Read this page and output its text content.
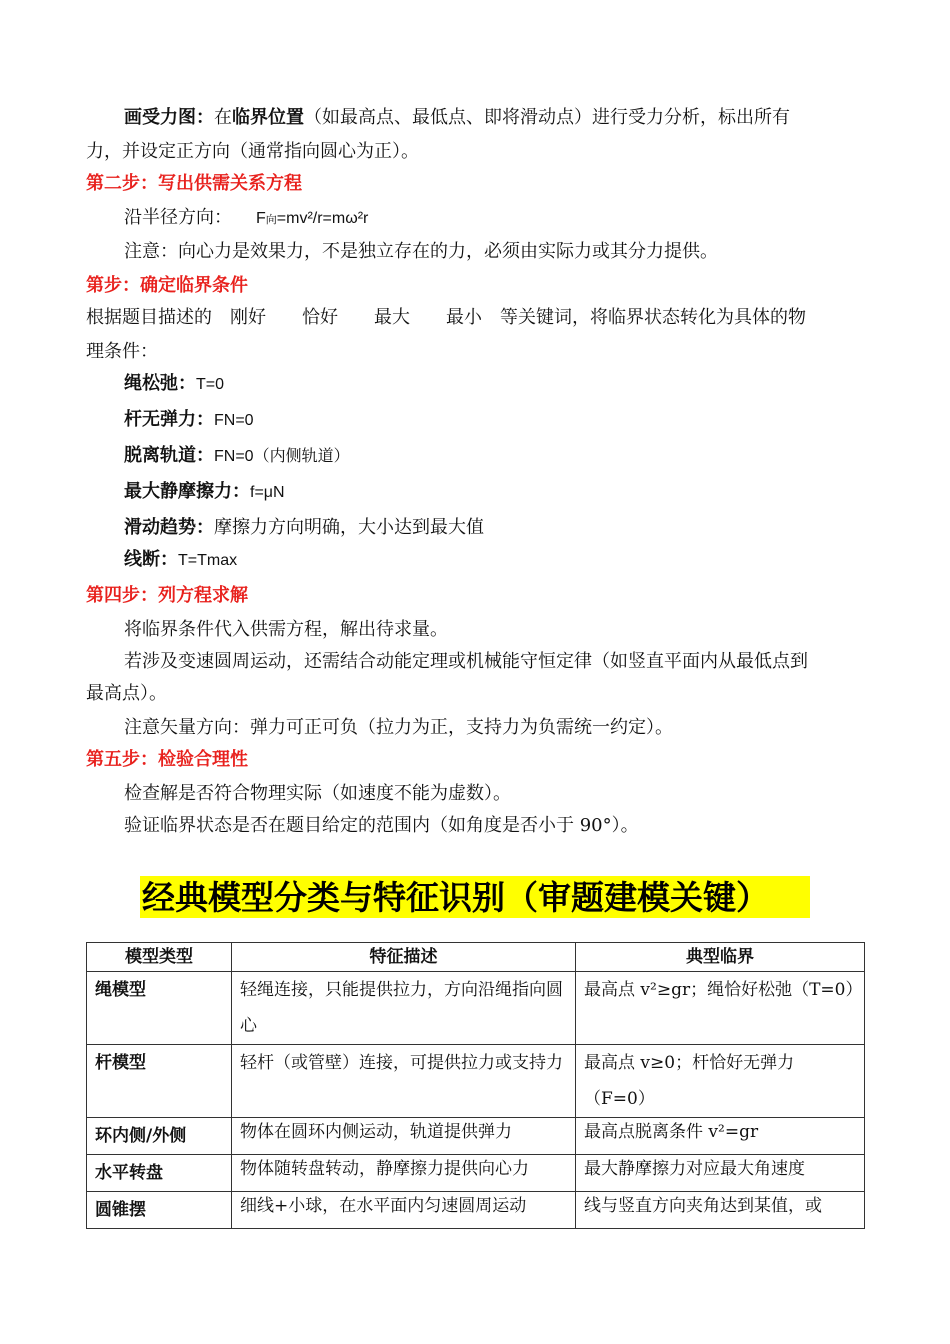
画受力图：在临界位置（如最高点、最低点、即将滑动点）进行受力分析，标出所有
力，并设定正方向（通常指向圆心为正）。
第二步：写出供需关系方程
沿半径方向： F向=mv²/r=mω²r
注意：向心力是效果力，不是独立存在的力，必须由实际力或其分力提供。
第步：确定临界条件
根据题目描述的　刚好　　恰好　　最大　　最小　等关键词，将临界状态转化为具体的物
理条件：
绳松弛：T=0
杆无弹力：FN=0
脱离轨道：FN=0（内侧轨道）
最大静摩擦力：f=μN
滑动趋势：摩擦力方向明确，大小达到最大值
线断：T=Tmax
第四步：列方程求解
将临界条件代入供需方程，解出待求量。
若涉及变速圆周运动，还需结合动能定理或机械能守恒定律（如竖直平面内从最低点到
最高点）。
注意矢量方向：弹力可正可负（拉力为正，支持力为负需统一约定）。
第五步：检验合理性
检查解是否符合物理实际（如速度不能为虚数）。
验证临界状态是否在题目给定的范围内（如角度是否小于 90°）。
经典模型分类与特征识别（审题建模关键）
模型类型	特征描述	典型临界
绳模型	轻绳连接，只能提供拉力，方向沿绳指向圆心	最高点 v²≥gr；绳恰好松弛（T=0）
杆模型	轻杆（或管壁）连接，可提供拉力或支持力	最高点 v≥0；杆恰好无弹力（F=0）
环内侧/外侧	物体在圆环内侧运动，轨道提供弹力	最高点脱离条件 v²=gr
水平转盘	物体随转盘转动，静摩擦力提供向心力	最大静摩擦力对应最大角速度
圆锥摆	细线+小球，在水平面内匀速圆周运动	线与竖直方向夹角达到某值，或
